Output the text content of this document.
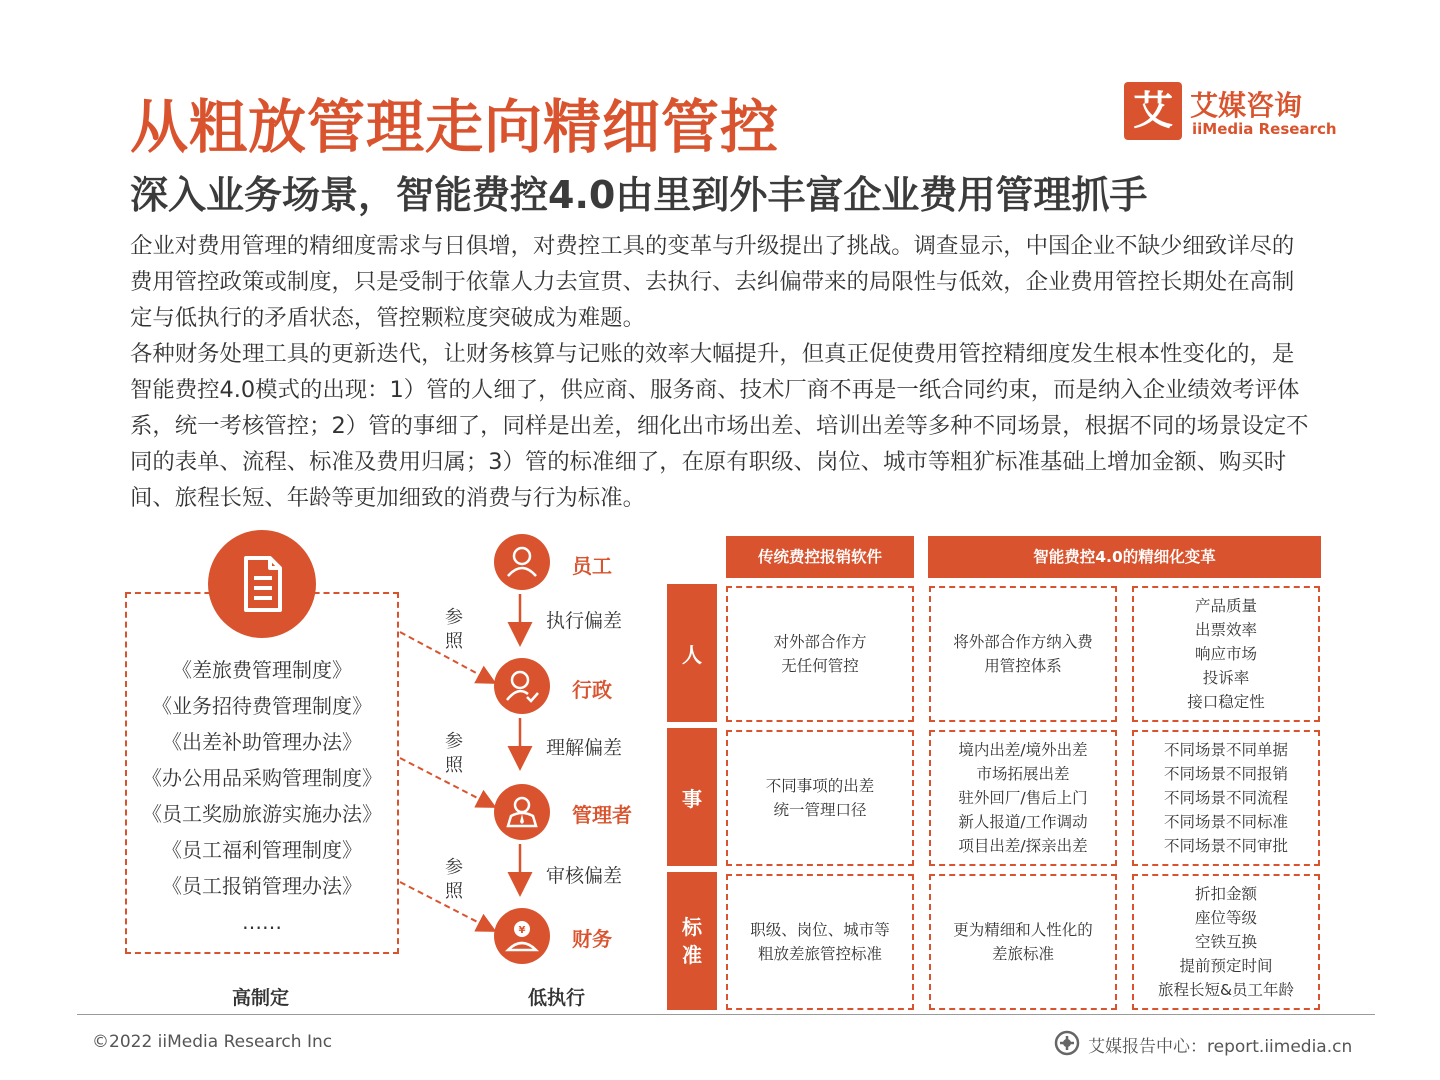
从粗放管理走向精细管控
深入业务场景，智能费控4.0由里到外丰富企业费用管理抓手
艾 艾媒咨询
iiMedia Research

企业对费用管理的精细度需求与日俱增，对费控工具的变革与升级提出了挑战。调查显示，中国企业不缺少细致详尽的费用管控政策或制度，只是受制于依靠人力去宣贯、去执行、去纠偏带来的局限性与低效，企业费用管控长期处在高制定与低执行的矛盾状态，管控颗粒度突破成为难题。

各种财务处理工具的更新迭代，让财务核算与记账的效率大幅提升，但真正促使费用管控精细度发生根本性变化的，是智能费控4.0模式的出现：1）管的人细了，供应商、服务商、技术厂商不再是一纸合同约束，而是纳入企业绩效考评体系，统一考核管控；2）管的事细了，同样是出差，细化出市场出差、培训出差等多种不同场景，根据不同的场景设定不同的表单、流程、标准及费用归属；3）管的标准细了，在原有职级、岗位、城市等粗犷标准基础上增加金额、购买时间、旅程长短、年龄等更加细致的消费与行为标准。

《差旅费管理制度》
《业务招待费管理制度》
《出差补助管理办法》
《办公用品采购管理制度》
《员工奖励旅游实施办法》
《员工福利管理制度》
《员工报销管理办法》
……
高制定
员工
行政
管理者
¥ 财务
参
照
参
照
参
照
执行偏差
理解偏差
审核偏差
低执行
传统费控报销软件	智能费控4.0的精细化变革
人
事
标
准
对外部合作方
无任何管控
将外部合作方纳入费
用管控体系
产品质量
出票效率
响应市场
投诉率
接口稳定性
不同事项的出差
统一管理口径
境内出差/境外出差
市场拓展出差
驻外回厂/售后上门
新人报道/工作调动
项目出差/探亲出差
不同场景不同单据
不同场景不同报销
不同场景不同流程
不同场景不同标准
不同场景不同审批
职级、岗位、城市等
粗放差旅管控标准
更为精细和人性化的
差旅标准
折扣金额
座位等级
空铁互换
提前预定时间
旅程长短&员工年龄
©2022 iiMedia Research Inc	艾媒报告中心：report.iimedia.cn
